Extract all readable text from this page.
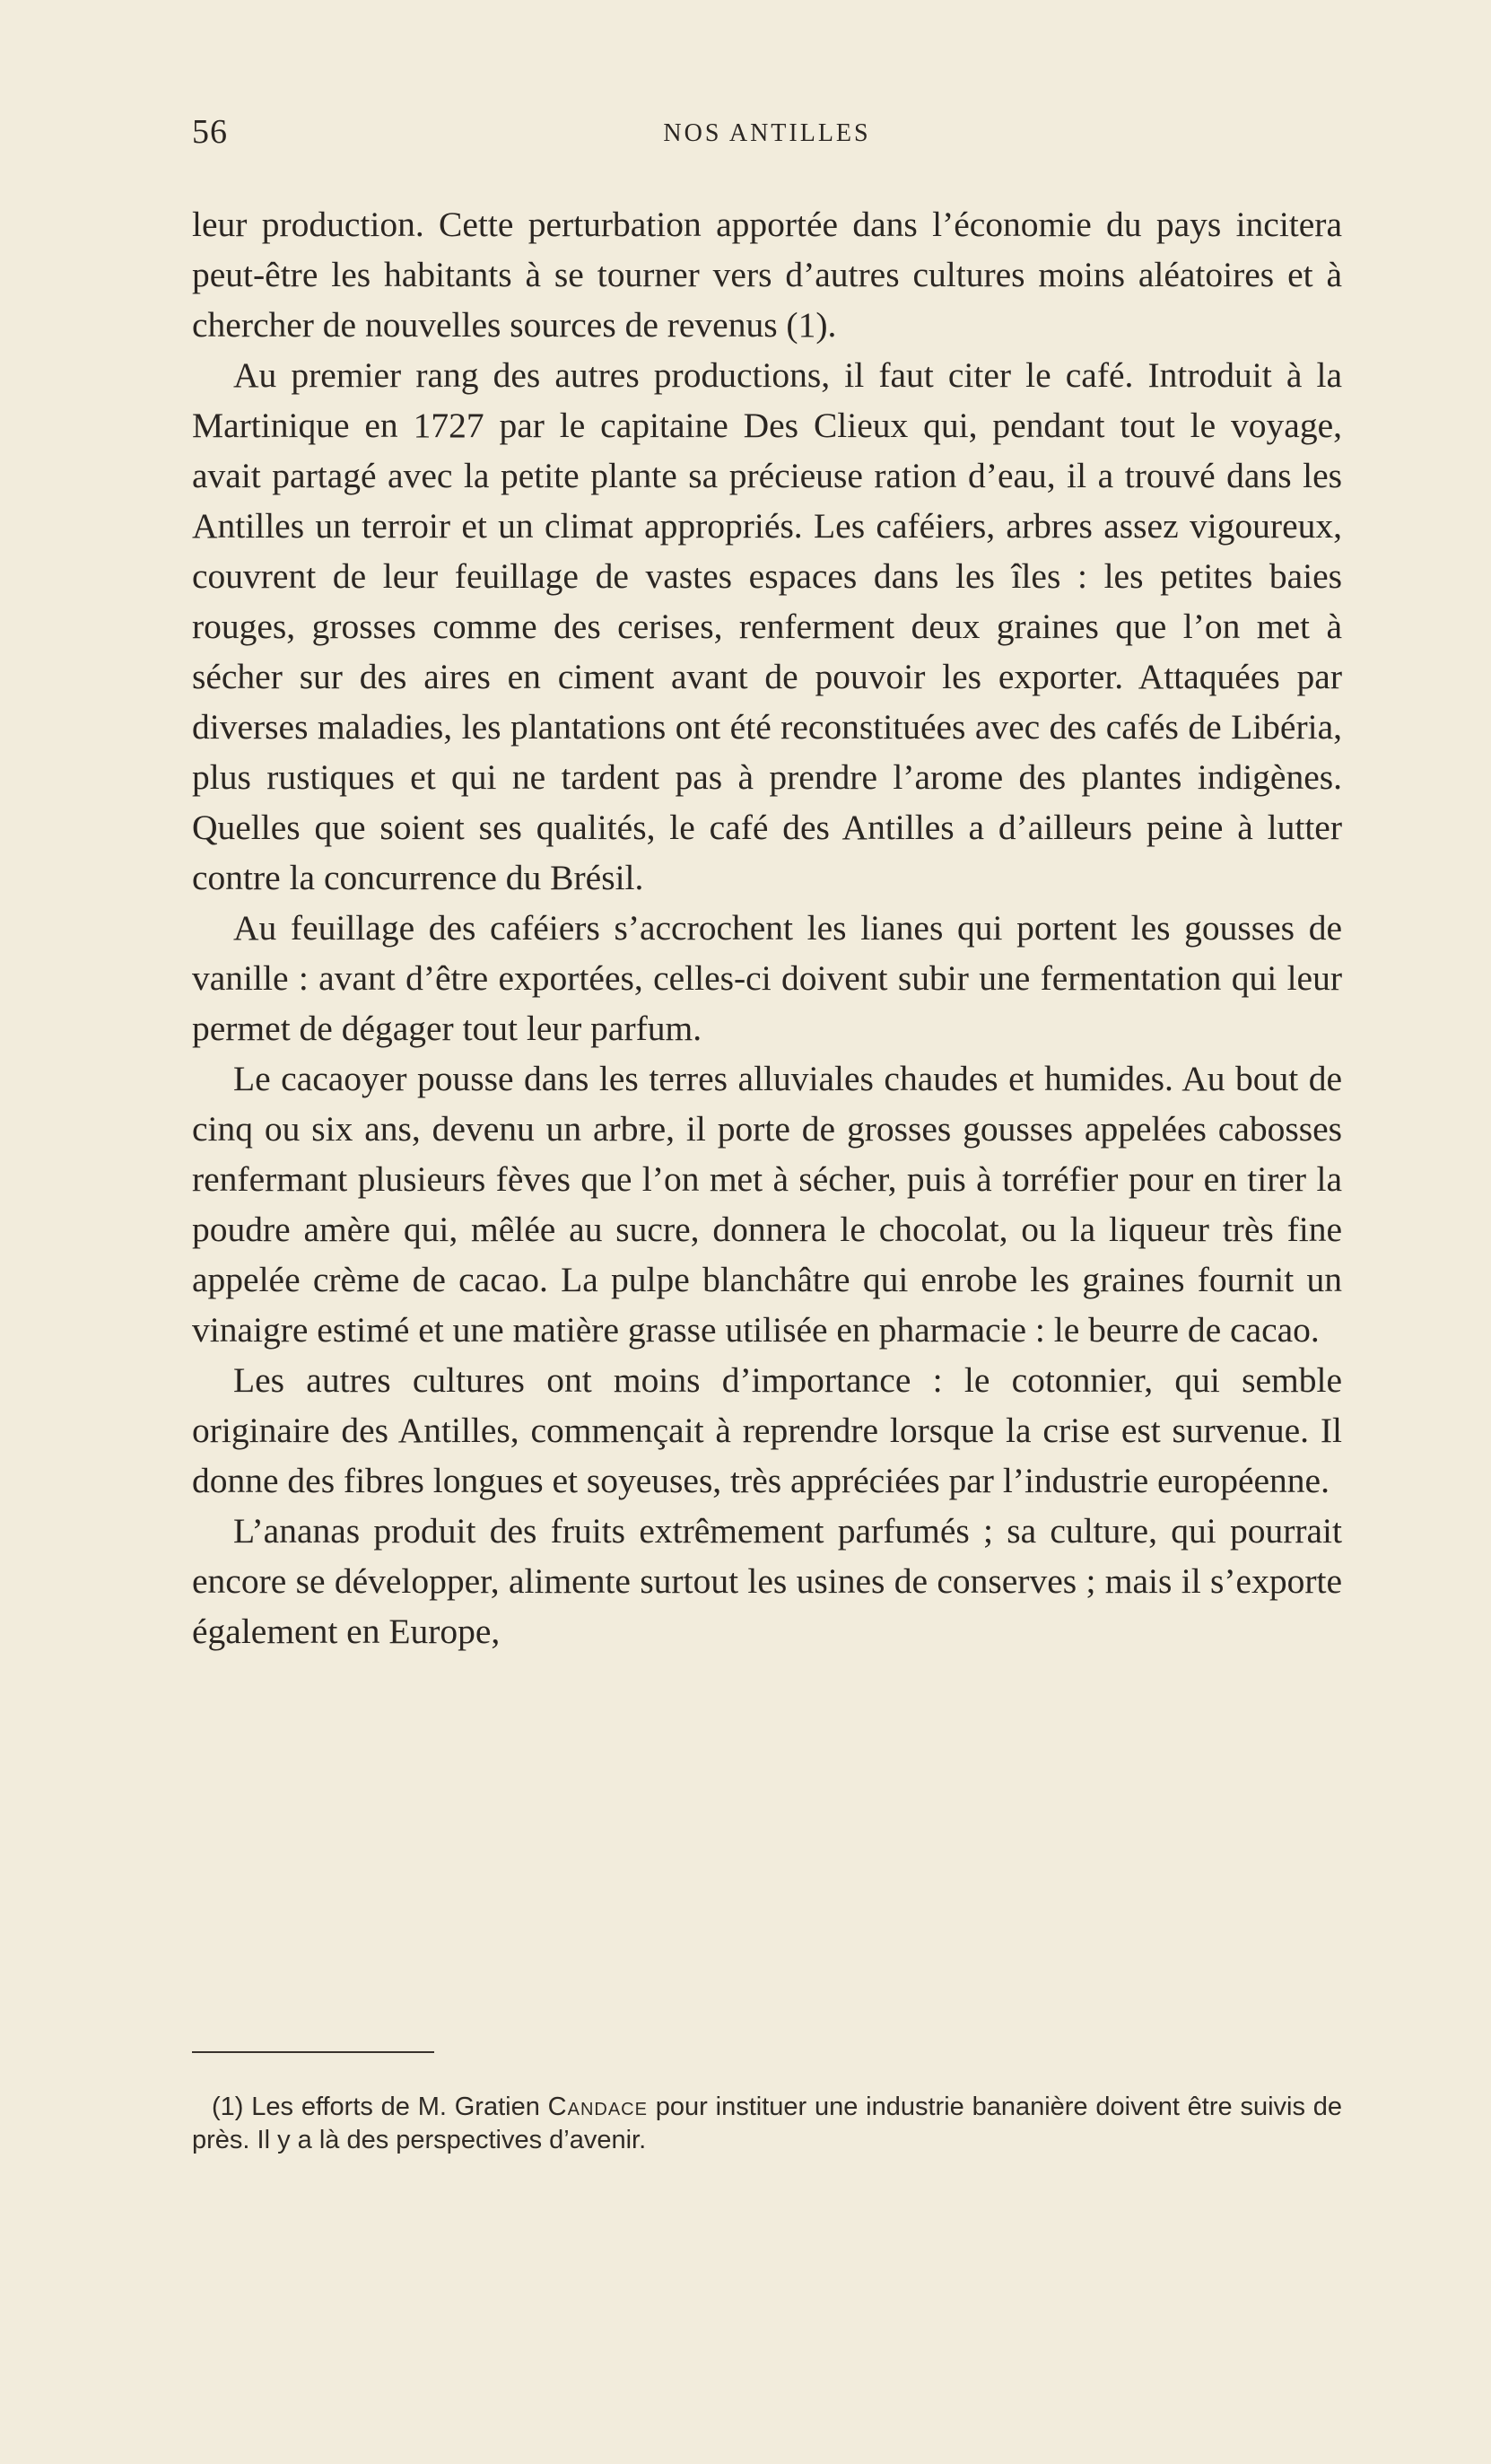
56	NOS ANTILLES

leur production. Cette perturbation apportée dans l’économie du pays incitera peut-être les habitants à se tourner vers d’autres cultures moins aléatoires et à chercher de nouvelles sources de revenus (1).

Au premier rang des autres productions, il faut citer le café. Introduit à la Martinique en 1727 par le capitaine Des Clieux qui, pendant tout le voyage, avait partagé avec la petite plante sa précieuse ration d’eau, il a trouvé dans les Antilles un terroir et un climat appropriés. Les caféiers, arbres assez vigoureux, couvrent de leur feuillage de vastes espaces dans les îles : les petites baies rouges, grosses comme des cerises, renferment deux graines que l’on met à sécher sur des aires en ciment avant de pouvoir les exporter. Attaquées par diverses maladies, les plantations ont été reconstituées avec des cafés de Libéria, plus rustiques et qui ne tardent pas à prendre l’arome des plantes indigènes. Quelles que soient ses qualités, le café des Antilles a d’ailleurs peine à lutter contre la concurrence du Brésil.

Au feuillage des caféiers s’accrochent les lianes qui portent les gousses de vanille : avant d’être exportées, celles-ci doivent subir une fermentation qui leur permet de dégager tout leur parfum.

Le cacaoyer pousse dans les terres alluviales chaudes et humides. Au bout de cinq ou six ans, devenu un arbre, il porte de grosses gousses appelées cabosses renfermant plusieurs fèves que l’on met à sécher, puis à torréfier pour en tirer la poudre amère qui, mêlée au sucre, donnera le chocolat, ou la liqueur très fine appelée crème de cacao. La pulpe blanchâtre qui enrobe les graines fournit un vinaigre estimé et une matière grasse utilisée en pharmacie : le beurre de cacao.

Les autres cultures ont moins d’importance : le cotonnier, qui semble originaire des Antilles, commençait à reprendre lorsque la crise est survenue. Il donne des fibres longues et soyeuses, très appréciées par l’industrie européenne.

L’ananas produit des fruits extrêmement parfumés ; sa culture, qui pourrait encore se développer, alimente surtout les usines de conserves ; mais il s’exporte également en Europe,

(1) Les efforts de M. Gratien Candace pour instituer une industrie bananière doivent être suivis de près. Il y a là des perspectives d’avenir.
